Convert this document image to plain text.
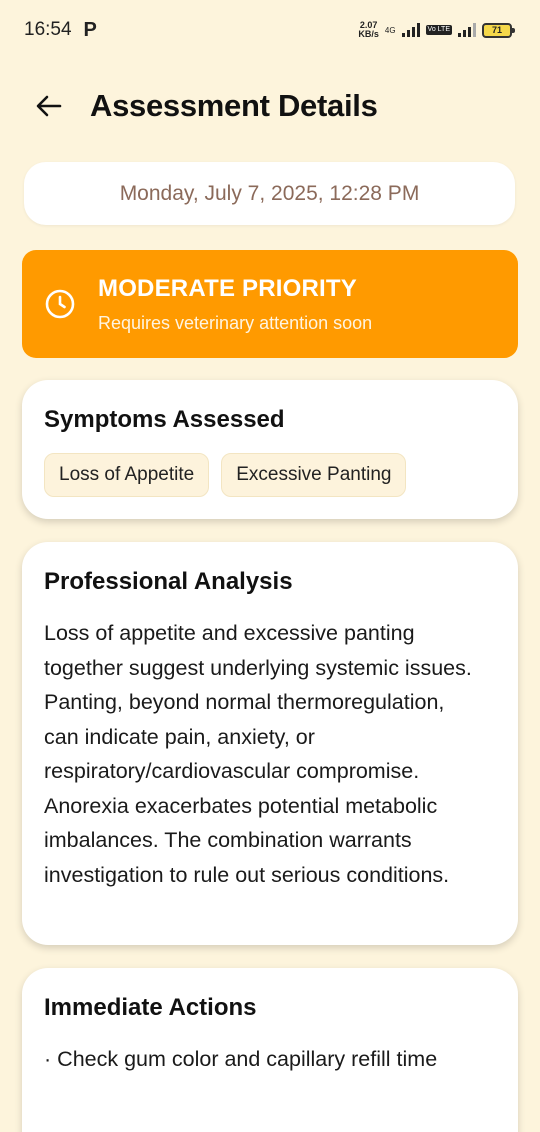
16:54 P	2.07
KB/s 4G	Vo LTE	71
Assessment Details
Monday, July 7, 2025, 12:28 PM
MODERATE PRIORITY
Requires veterinary attention soon
Symptoms Assessed
Loss of Appetite	Excessive Panting
Professional Analysis

Loss of appetite and excessive panting together suggest underlying systemic issues. Panting, beyond normal thermoregulation, can indicate pain, anxiety, or respiratory/cardiovascular compromise. Anorexia exacerbates potential metabolic imbalances. The combination warrants investigation to rule out serious conditions.

Immediate Actions
· Check gum color and capillary refill time
